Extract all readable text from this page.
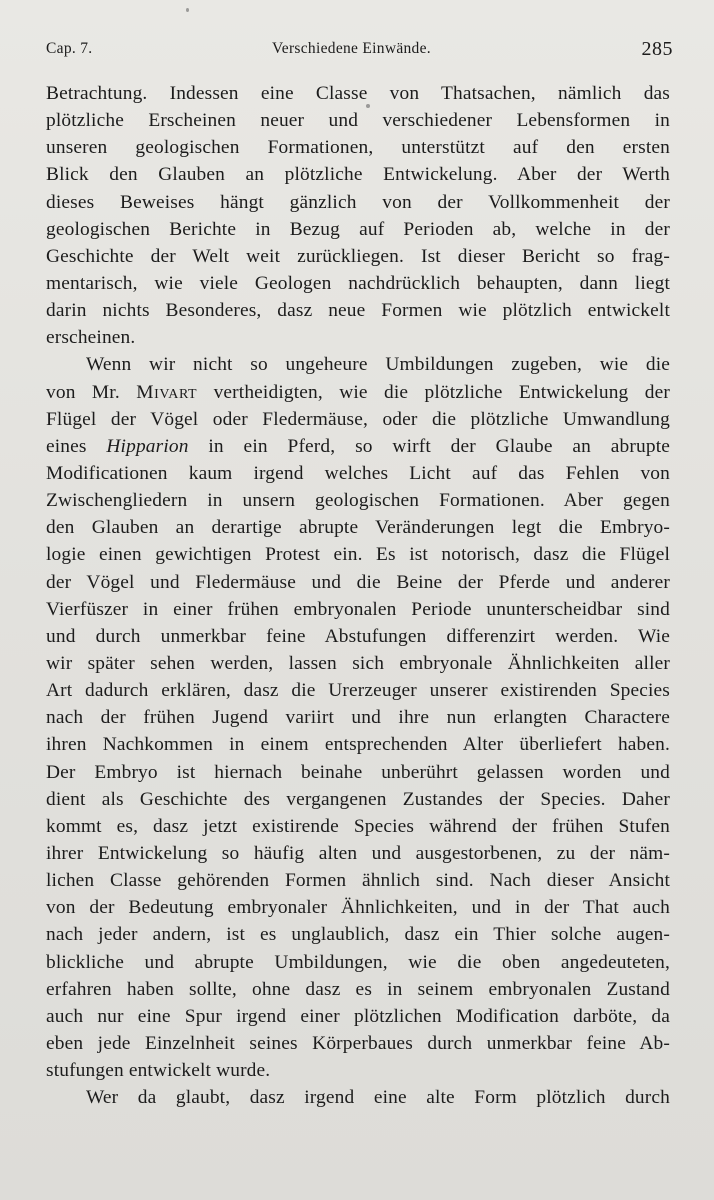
Cap. 7.	Verschiedene Einwände.	285
Betrachtung. Indessen eine Classe von Thatsachen, nämlich das
plötzliche Erscheinen neuer und verschiedener Lebensformen in
unseren geologischen Formationen, unterstützt auf den ersten
Blick den Glauben an plötzliche Entwickelung. Aber der Werth
dieses Beweises hängt gänzlich von der Vollkommenheit der
geologischen Berichte in Bezug auf Perioden ab, welche in der
Geschichte der Welt weit zurückliegen. Ist dieser Bericht so frag-
mentarisch, wie viele Geologen nachdrücklich behaupten, dann liegt
darin nichts Besonderes, dasz neue Formen wie plötzlich entwickelt
erscheinen.
Wenn wir nicht so ungeheure Umbildungen zugeben, wie die
von Mr. Mivart vertheidigten, wie die plötzliche Entwickelung der
Flügel der Vögel oder Fledermäuse, oder die plötzliche Umwandlung
eines Hipparion in ein Pferd, so wirft der Glaube an abrupte
Modificationen kaum irgend welches Licht auf das Fehlen von
Zwischengliedern in unsern geologischen Formationen. Aber gegen
den Glauben an derartige abrupte Veränderungen legt die Embryo-
logie einen gewichtigen Protest ein. Es ist notorisch, dasz die Flügel
der Vögel und Fledermäuse und die Beine der Pferde und anderer
Vierfüszer in einer frühen embryonalen Periode ununterscheidbar sind
und durch unmerkbar feine Abstufungen differenzirt werden. Wie
wir später sehen werden, lassen sich embryonale Ähnlichkeiten aller
Art dadurch erklären, dasz die Urerzeuger unserer existirenden Species
nach der frühen Jugend variirt und ihre nun erlangten Charactere
ihren Nachkommen in einem entsprechenden Alter überliefert haben.
Der Embryo ist hiernach beinahe unberührt gelassen worden und
dient als Geschichte des vergangenen Zustandes der Species. Daher
kommt es, dasz jetzt existirende Species während der frühen Stufen
ihrer Entwickelung so häufig alten und ausgestorbenen, zu der näm-
lichen Classe gehörenden Formen ähnlich sind. Nach dieser Ansicht
von der Bedeutung embryonaler Ähnlichkeiten, und in der That auch
nach jeder andern, ist es unglaublich, dasz ein Thier solche augen-
blickliche und abrupte Umbildungen, wie die oben angedeuteten,
erfahren haben sollte, ohne dasz es in seinem embryonalen Zustand
auch nur eine Spur irgend einer plötzlichen Modification darböte, da
eben jede Einzelnheit seines Körperbaues durch unmerkbar feine Ab-
stufungen entwickelt wurde.
Wer da glaubt, dasz irgend eine alte Form plötzlich durch
